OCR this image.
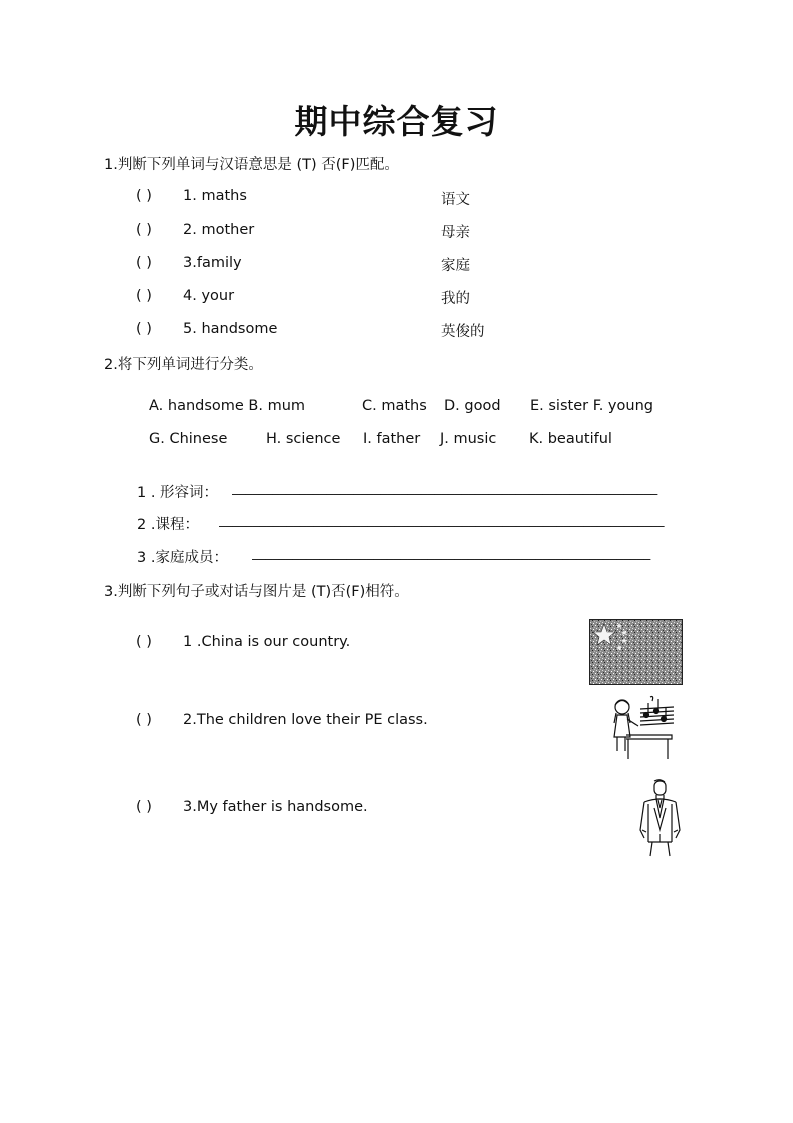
期中综合复习
1.判断下列单词与汉语意思是 (T) 否(F)匹配。
( ) 1. maths	语文
( ) 2. mother	母亲
( ) 3.family	家庭
( ) 4. your	我的
( ) 5. handsome	英俊的
2.将下列单词进行分类。
A. handsome B. mum	C. maths D. good E. sister F. young
G. Chinese	H. science I. father J. music K. beautiful
1 . 形容词： _______________________________________________________________
2 .课程： __________________________________________________________________
3 .家庭成员： ___________________________________________________________
3.判断下列句子或对话与图片是 (T)否(F)相符。
( ) 1 .China is our country.
( ) 2.The children love their PE class.
( ) 3.My father is handsome.
